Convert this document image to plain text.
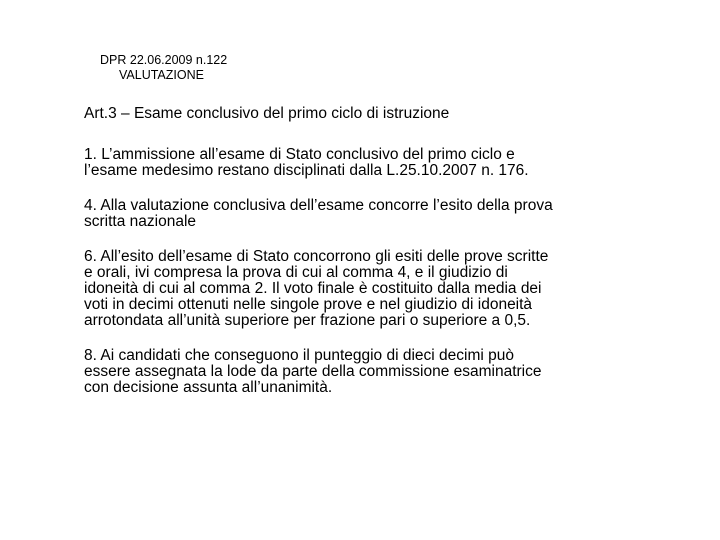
DPR 22.06.2009 n.122
VALUTAZIONE

Art.3 – Esame conclusivo del primo ciclo di istruzione

1. L’ammissione all’esame di Stato conclusivo del primo ciclo e

l’esame medesimo restano disciplinati dalla L.25.10.2007 n. 176.

4. Alla valutazione conclusiva dell’esame concorre l’esito della prova

scritta nazionale

6. All’esito dell’esame di Stato concorrono gli esiti delle prove scritte

e orali, ivi compresa la prova di cui al comma 4, e il giudizio di

idoneità di cui al comma 2. Il voto finale è costituito dalla media dei

voti in decimi ottenuti nelle singole prove e nel giudizio di idoneità

arrotondata all’unità superiore per frazione pari o superiore a 0,5.

8. Ai candidati che conseguono il punteggio di dieci decimi può

essere assegnata la lode da parte della commissione esaminatrice

con decisione assunta all’unanimità.
